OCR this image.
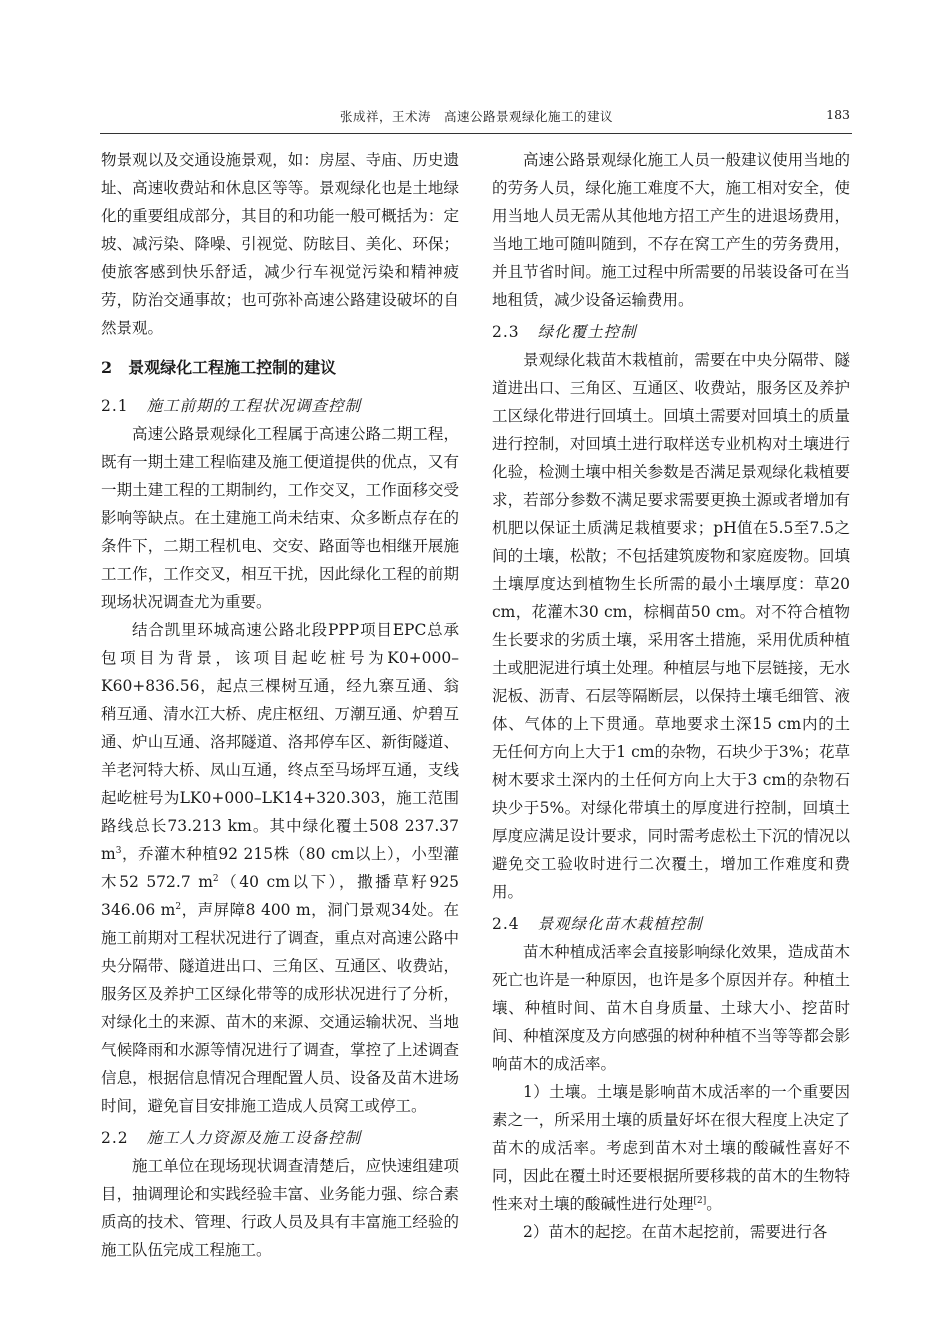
张成祥，王术涛　高速公路景观绿化施工的建议	183

物景观以及交通设施景观，如：房屋、寺庙、历史遗址、高速收费站和休息区等等。景观绿化也是土地绿化的重要组成部分，其目的和功能一般可概括为：定坡、减污染、降噪、引视觉、防眩目、美化、环保；使旅客感到快乐舒适，减少行车视觉污染和精神疲劳，防治交通事故；也可弥补高速公路建设破坏的自然景观。

2　景观绿化工程施工控制的建议
2.1 施工前期的工程状况调查控制

高速公路景观绿化工程属于高速公路二期工程，既有一期土建工程临建及施工便道提供的优点，又有一期土建工程的工期制约，工作交叉，工作面移交受影响等缺点。在土建施工尚未结束、众多断点存在的条件下，二期工程机电、交安、路面等也相继开展施工工作，工作交叉，相互干扰，因此绿化工程的前期现场状况调查尤为重要。

结合凯里环城高速公路北段PPP项目EPC总承包项目为背景，该项目起屹桩号为K0+000–K60+836.56，起点三棵树互通，经九寨互通、翁稍互通、清水江大桥、虎庄枢纽、万潮互通、炉碧互通、炉山互通、洛邦隧道、洛邦停车区、新街隧道、羊老河特大桥、凤山互通，终点至马场坪互通，支线起屹桩号为LK0+000–LK14+320.303，施工范围路线总长73.213 km。其中绿化覆土508 237.37 $m^3$，乔灌木种植92 215株（80 cm以上），小型灌木52 572.7 $m^2(40$ cm以下），撒播草籽925 346.06 $m^2$，声屏障8 400 m，洞门景观34处。在施工前期对工程状况进行了调查，重点对高速公路中央分隔带、隧道进出口、三角区、互通区、收费站，服务区及养护工区绿化带等的成形状况进行了分析，对绿化土的来源、苗木的来源、交通运输状况、当地气候降雨和水源等情况进行了调查，掌控了上述调查信息，根据信息情况合理配置人员、设备及苗木进场时间，避免盲目安排施工造成人员窝工或停工。

2.2 施工人力资源及施工设备控制

施工单位在现场现状调查清楚后，应快速组建项目，抽调理论和实践经验丰富、业务能力强、综合素质高的技术、管理、行政人员及具有丰富施工经验的施工队伍完成工程施工。

高速公路景观绿化施工人员一般建议使用当地的的劳务人员，绿化施工难度不大，施工相对安全，使用当地人员无需从其他地方招工产生的进退场费用，当地工地可随叫随到，不存在窝工产生的劳务费用，并且节省时间。施工过程中所需要的吊装设备可在当地租赁，减少设备运输费用。

2.3 绿化覆土控制

景观绿化栽苗木栽植前，需要在中央分隔带、隧道进出口、三角区、互通区、收费站，服务区及养护工区绿化带进行回填土。回填土需要对回填土的质量进行控制，对回填土进行取样送专业机构对土壤进行化验，检测土壤中相关参数是否满足景观绿化栽植要求，若部分参数不满足要求需要更换土源或者增加有机肥以保证土质满足栽植要求；pH值在5.5至7.5之间的土壤，松散；不包括建筑废物和家庭废物。回填土壤厚度达到植物生长所需的最小土壤厚度：草20 cm，花灌木30 cm，棕榈苗50 cm。对不符合植物生长要求的劣质土壤，采用客土措施，采用优质种植土或肥泥进行填土处理。种植层与地下层链接，无水泥板、沥青、石层等隔断层，以保持土壤毛细管、液体、气体的上下贯通。草地要求土深15 cm内的土无任何方向上大于1 cm的杂物，石块少于3%；花草树木要求土深内的土任何方向上大于3 cm的杂物石块少于5%。对绿化带填土的厚度进行控制，回填土厚度应满足设计要求，同时需考虑松土下沉的情况以避免交工验收时进行二次覆土，增加工作难度和费用。

2.4 景观绿化苗木栽植控制

苗木种植成活率会直接影响绿化效果，造成苗木死亡也许是一种原因，也许是多个原因并存。种植土壤、种植时间、苗木自身质量、土球大小、挖苗时间、种植深度及方向感强的树种种植不当等等都会影响苗木的成活率。

1）土壤。土壤是影响苗木成活率的一个重要因素之一，所采用土壤的质量好坏在很大程度上决定了苗木的成活率。考虑到苗木对土壤的酸碱性喜好不同，因此在覆土时还要根据所要移栽的苗木的生物特性来对土壤的酸碱性进行处理[2]。

2）苗木的起挖。在苗木起挖前，需要进行各
